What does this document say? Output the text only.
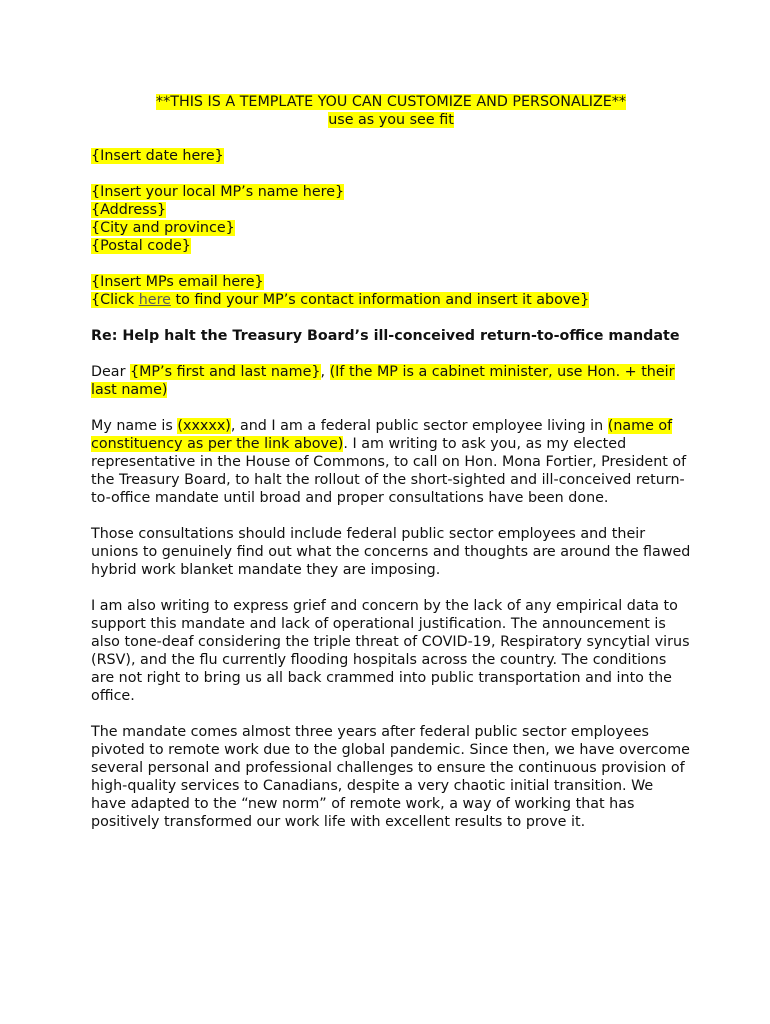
**THIS IS A TEMPLATE YOU CAN CUSTOMIZE AND PERSONALIZE**

use as you see fit

{Insert date here}

{Insert your local MP’s name here}

{Address}

{City and province}

{Postal code}

{Insert MPs email here}

{Click here to find your MP’s contact information and insert it above}

Re: Help halt the Treasury Board’s ill-conceived return-to-office mandate

Dear {MP’s first and last name}, (If the MP is a cabinet minister, use Hon. + their last name)

My name is (xxxxx), and I am a federal public sector employee living in (name of constituency as per the link above). I am writing to ask you, as my elected representative in the House of Commons, to call on Hon. Mona Fortier, President of the Treasury Board, to halt the rollout of the short-sighted and ill-conceived return-to-office mandate until broad and proper consultations have been done.

Those consultations should include federal public sector employees and their unions to genuinely find out what the concerns and thoughts are around the flawed hybrid work blanket mandate they are imposing.

I am also writing to express grief and concern by the lack of any empirical data to support this mandate and lack of operational justification. The announcement is also tone-deaf considering the triple threat of COVID-19, Respiratory syncytial virus (RSV), and the flu currently flooding hospitals across the country. The conditions are not right to bring us all back crammed into public transportation and into the office.

The mandate comes almost three years after federal public sector employees pivoted to remote work due to the global pandemic. Since then, we have overcome several personal and professional challenges to ensure the continuous provision of high-quality services to Canadians, despite a very chaotic initial transition. We have adapted to the “new norm” of remote work, a way of working that has positively transformed our work life with excellent results to prove it.
